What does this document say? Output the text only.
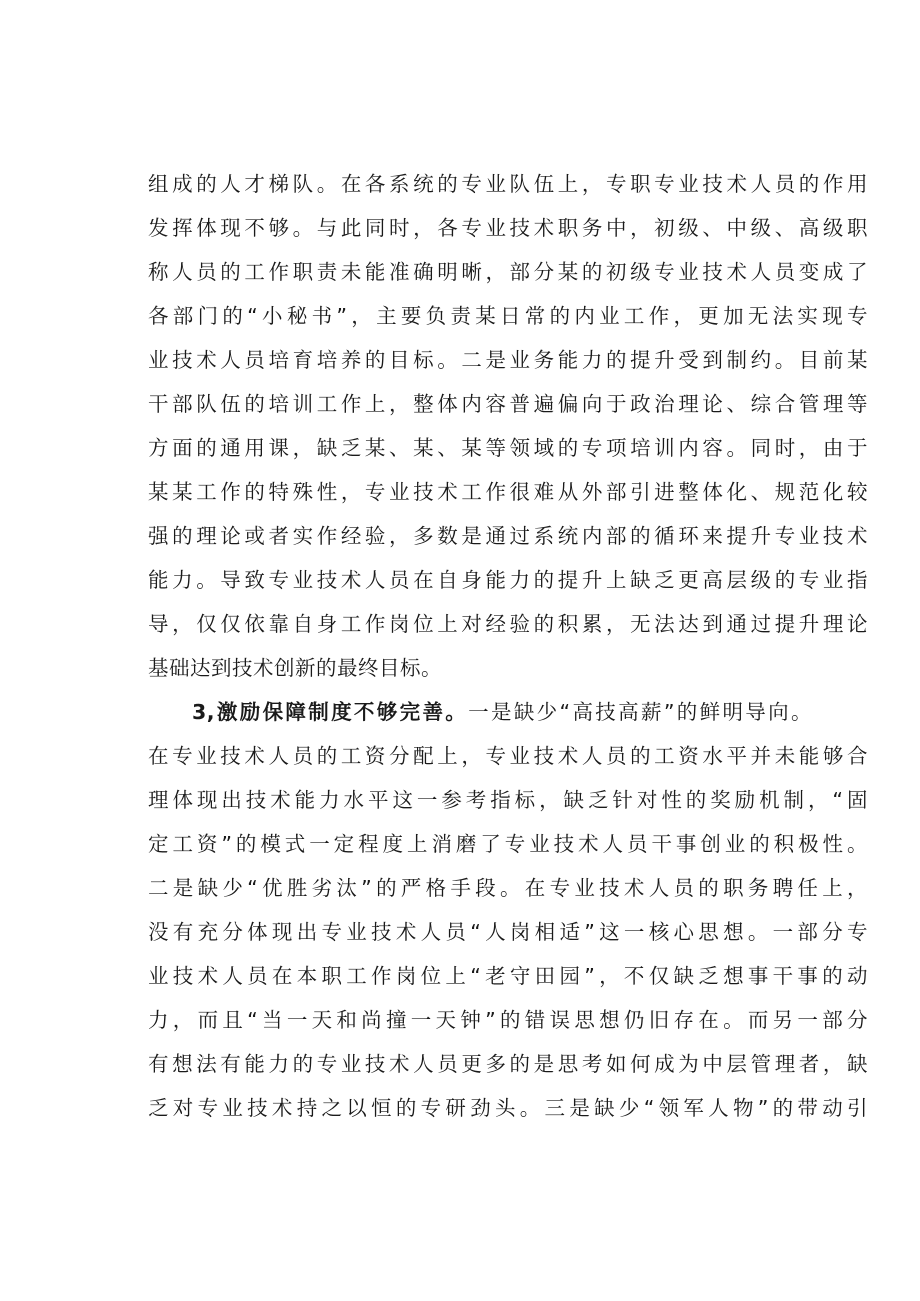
组成的人才梯队。在各系统的专业队伍上，专职专业技术人员的作用
发挥体现不够。与此同时，各专业技术职务中，初级、中级、高级职
称人员的工作职责未能准确明晰，部分某的初级专业技术人员变成了
各部门的“小秘书”，主要负责某日常的内业工作，更加无法实现专
业技术人员培育培养的目标。二是业务能力的提升受到制约。目前某
干部队伍的培训工作上，整体内容普遍偏向于政治理论、综合管理等
方面的通用课，缺乏某、某、某等领域的专项培训内容。同时，由于
某某工作的特殊性，专业技术工作很难从外部引进整体化、规范化较
强的理论或者实作经验，多数是通过系统内部的循环来提升专业技术
能力。导致专业技术人员在自身能力的提升上缺乏更高层级的专业指
导，仅仅依靠自身工作岗位上对经验的积累，无法达到通过提升理论
基础达到技术创新的最终目标。
3,激励保障制度不够完善。一是缺少“高技高薪”的鲜明导向。
在专业技术人员的工资分配上，专业技术人员的工资水平并未能够合
理体现出技术能力水平这一参考指标，缺乏针对性的奖励机制，“固
定工资”的模式一定程度上消磨了专业技术人员干事创业的积极性。
二是缺少“优胜劣汰”的严格手段。在专业技术人员的职务聘任上，
没有充分体现出专业技术人员“人岗相适”这一核心思想。一部分专
业技术人员在本职工作岗位上“老守田园”，不仅缺乏想事干事的动
力，而且“当一天和尚撞一天钟”的错误思想仍旧存在。而另一部分
有想法有能力的专业技术人员更多的是思考如何成为中层管理者，缺
乏对专业技术持之以恒的专研劲头。三是缺少“领军人物”的带动引
